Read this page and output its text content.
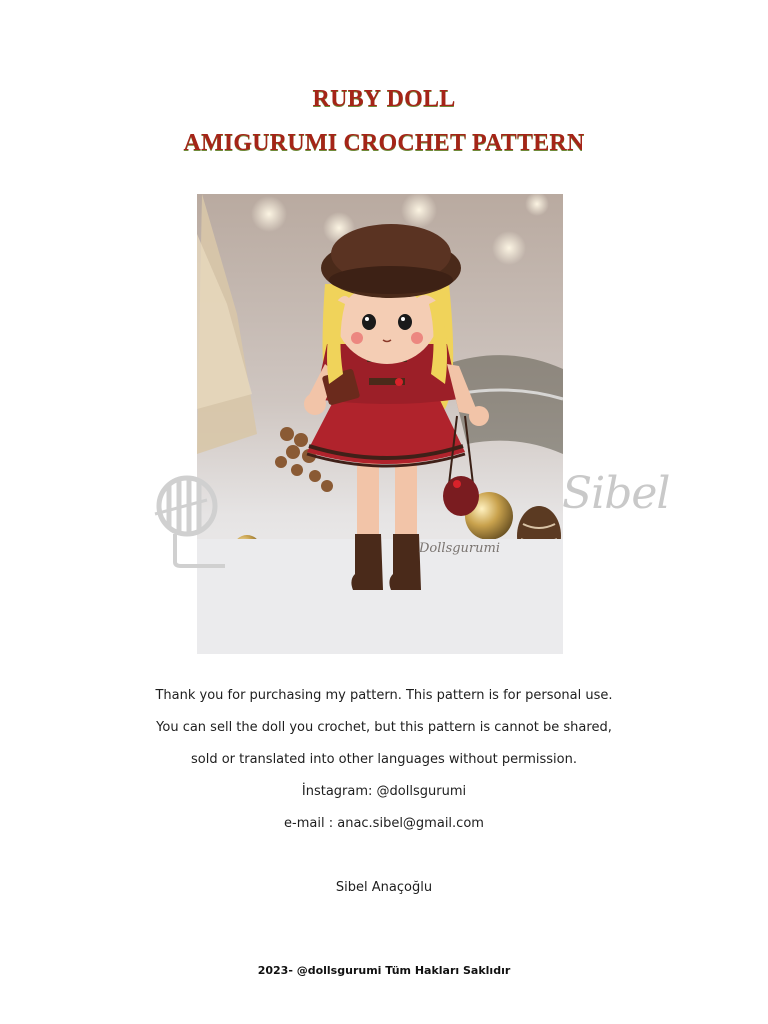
RUBY DOLL
AMIGURUMI CROCHET PATTERN
Dollsgurumi
Sibel
Thank you for purchasing my pattern. This pattern is for personal use.
You can sell the doll you crochet, but this pattern is cannot be shared,
sold or translated into other languages without permission.
İnstagram: @dollsgurumi
e-mail : anac.sibel@gmail.com
Sibel Anaçoğlu
2023- @dollsgurumi Tüm Hakları Saklıdır
